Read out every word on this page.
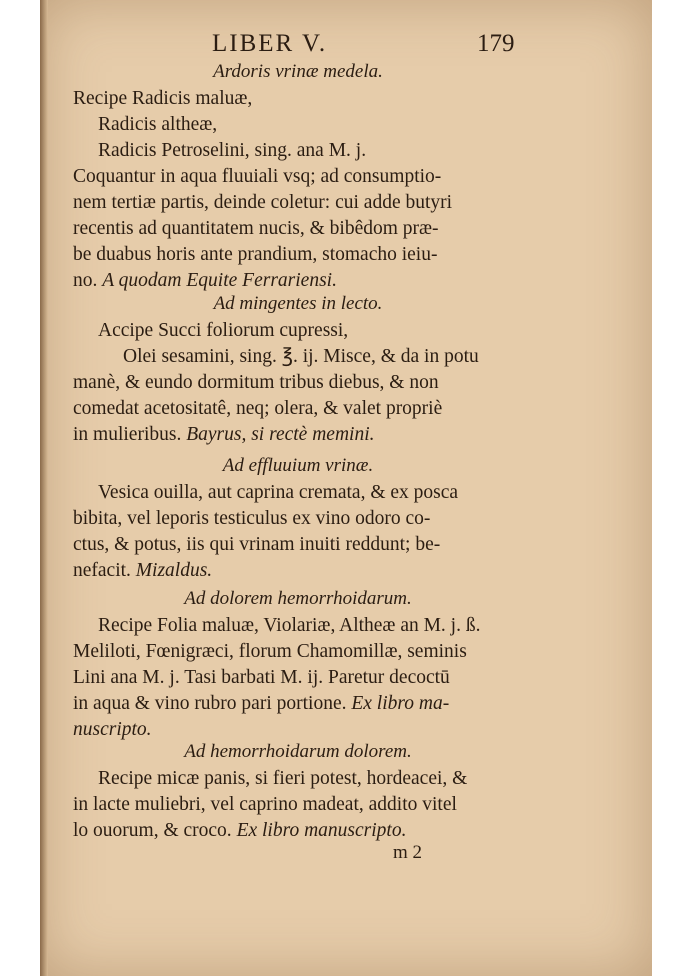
LIBER V.	179

Ardoris vrinæ medela.

Recipe Radicis maluæ,

Radicis altheæ,

Radicis Petroselini, sing. ana M. j.

Coquantur in aqua fluuiali vsq; ad consumptio-

nem tertiæ partis, deinde coletur: cui adde butyri

recentis ad quantitatem nucis, & bibêdom præ-

be duabus horis ante prandium, stomacho ieiu-

no. A quodam Equite Ferrariensi.

Ad mingentes in lecto.

Accipe Succi foliorum cupressi,

Olei sesamini, sing. ℥. ij. Misce, & da in potu

manè, & eundo dormitum tribus diebus, & non

comedat acetositatê, neq; olera, & valet propriè

in mulieribus. Bayrus, si rectè memini.

Ad effluuium vrinæ.

Vesica ouilla, aut caprina cremata, & ex posca

bibita, vel leporis testiculus ex vino odoro co-

ctus, & potus, iis qui vrinam inuiti reddunt; be-

nefacit. Mizaldus.

Ad dolorem hemorrhoidarum.

Recipe Folia maluæ, Violariæ, Altheæ an M. j. ß.

Meliloti, Fœnigræci, florum Chamomillæ, seminis

Lini ana M. j. Tasi barbati M. ij. Paretur decoctū

in aqua & vino rubro pari portione. Ex libro ma-

nuscripto.

Ad hemorrhoidarum dolorem.

Recipe micæ panis, si fieri potest, hordeacei, &

in lacte muliebri, vel caprino madeat, addito vitel

lo ouorum, & croco. Ex libro manuscripto.

m 2
